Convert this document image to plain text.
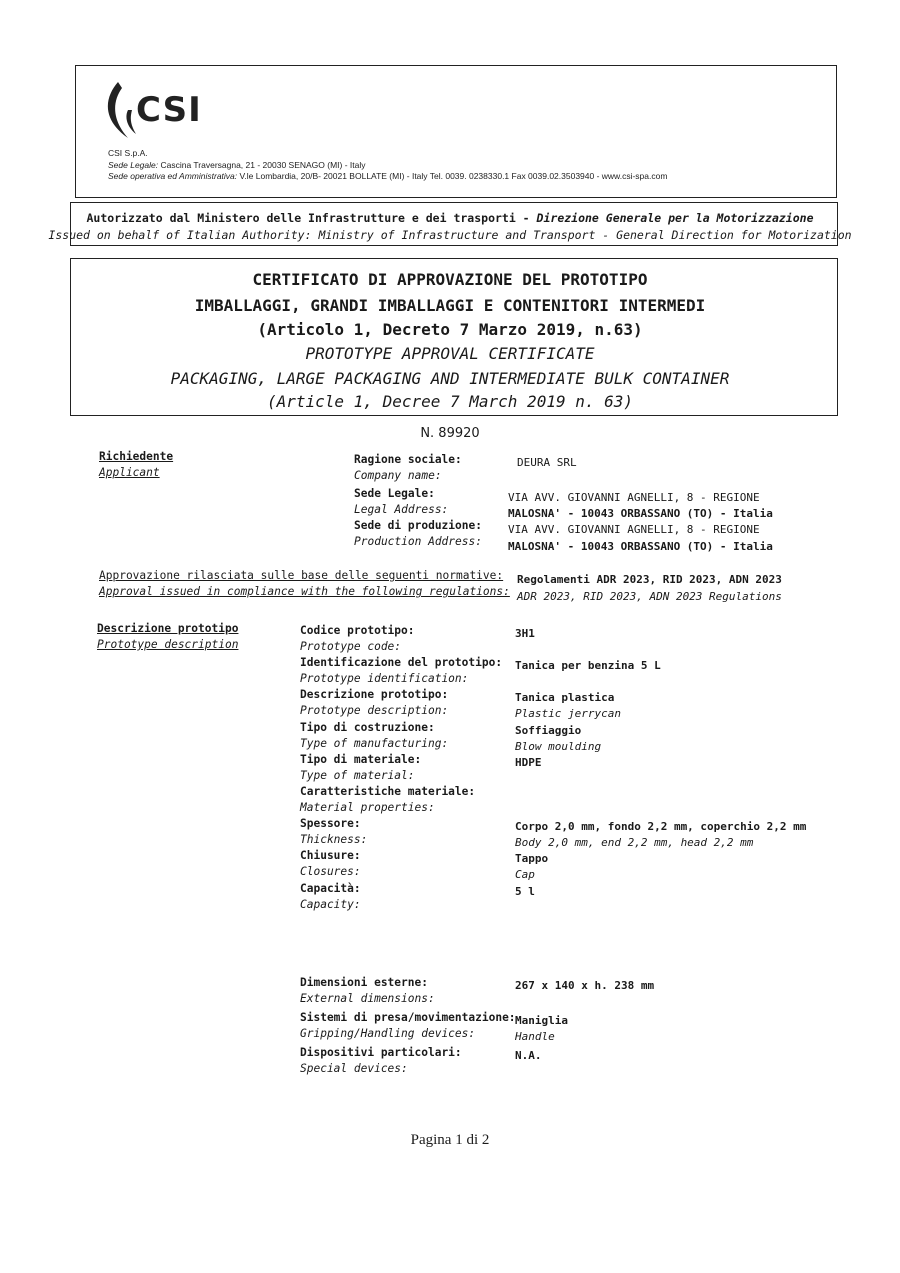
CSI
CSI S.p.A.
Sede Legale: Cascina Traversagna, 21 - 20030 SENAGO (MI) - Italy
Sede operativa ed Amministrativa: V.le Lombardia, 20/B- 20021 BOLLATE (MI) - Italy Tel. 0039. 0238330.1 Fax 0039.02.3503940 - www.csi-spa.com
Autorizzato dal Ministero delle Infrastrutture e dei trasporti - Direzione Generale per la Motorizzazione
Issued on behalf of Italian Authority: Ministry of Infrastructure and Transport - General Direction for Motorization
CERTIFICATO DI APPROVAZIONE DEL PROTOTIPO
IMBALLAGGI, GRANDI IMBALLAGGI E CONTENITORI INTERMEDI
(Articolo 1, Decreto 7 Marzo 2019, n.63)
PROTOTYPE APPROVAL CERTIFICATE
PACKAGING, LARGE PACKAGING AND INTERMEDIATE BULK CONTAINER
(Article 1, Decree 7 March 2019 n. 63)
N. 89920
Richiedente
Applicant
Ragione sociale:
Company name:
DEURA SRL
Sede Legale:
Legal Address:
VIA AVV. GIOVANNI AGNELLI, 8 - REGIONE
MALOSNA' - 10043 ORBASSANO (TO) - Italia
Sede di produzione:
Production Address:
VIA AVV. GIOVANNI AGNELLI, 8 - REGIONE
MALOSNA' - 10043 ORBASSANO (TO) - Italia
Approvazione rilasciata sulle base delle seguenti normative:
Approval issued in compliance with the following regulations:
Regolamenti ADR 2023, RID 2023, ADN 2023
ADR 2023, RID 2023, ADN 2023 Regulations
Descrizione prototipo
Prototype description
Codice prototipo:
Prototype code:
3H1
Identificazione del prototipo:
Prototype identification:
Tanica per benzina 5 L
Descrizione prototipo:
Prototype description:
Tanica plastica
Plastic jerrycan
Tipo di costruzione:
Type of manufacturing:
Soffiaggio
Blow moulding
Tipo di materiale:
Type of material:
HDPE
Caratteristiche materiale:
Material properties:
Spessore:
Thickness:
Corpo 2,0 mm, fondo 2,2 mm, coperchio 2,2 mm
Body 2,0 mm, end 2,2 mm, head 2,2 mm
Chiusure:
Closures:
Tappo
Cap
Capacità:
Capacity:
5 l
Dimensioni esterne:
External dimensions:
267 x 140 x h. 238 mm
Sistemi di presa/movimentazione:
Gripping/Handling devices:
Maniglia
Handle
Dispositivi particolari:
Special devices:
N.A.
Pagina 1 di 2
